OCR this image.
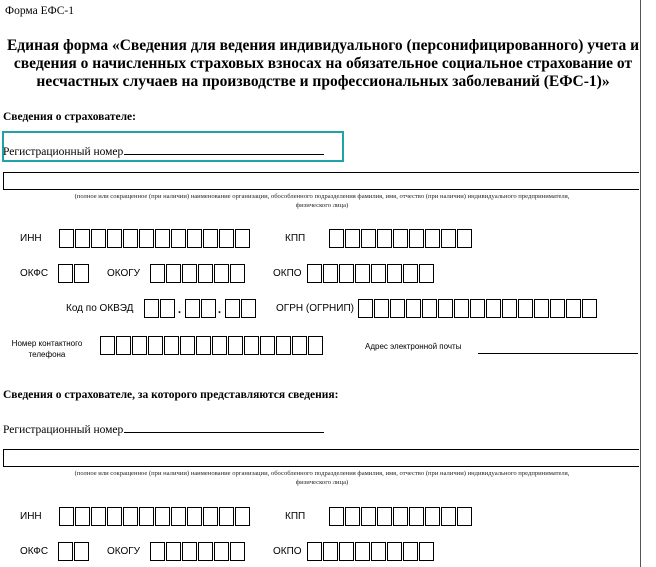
Форма ЕФС-1
Единая форма «Сведения для ведения индивидуального (персонифицированного) учета и
сведения о начисленных страховых взносах на обязательное социальное страхование от
несчастных случаев на производстве и профессиональных заболеваний (ЕФС-1)»
Сведения о страхователе:
Регистрационный номер
(полное или сокращенное (при наличии) наименование организации, обособленного подразделения фамилия, имя, отчество (при наличии) индивидуального предпринимателя,
физического лица)
ИНН	КПП
ОКФС	ОКОГУ	ОКПО
Код по ОКВЭД	.	.	ОГРН (ОГРНИП)
Номер контактного
телефона
Адрес электронной почты
Сведения о страхователе, за которого представляются сведения:
Регистрационный номер
(полное или сокращенное (при наличии) наименование организации, обособленного подразделения фамилия, имя, отчество (при наличии) индивидуального предпринимателя,
физического лица)
ИНН	КПП
ОКФС	ОКОГУ	ОКПО
